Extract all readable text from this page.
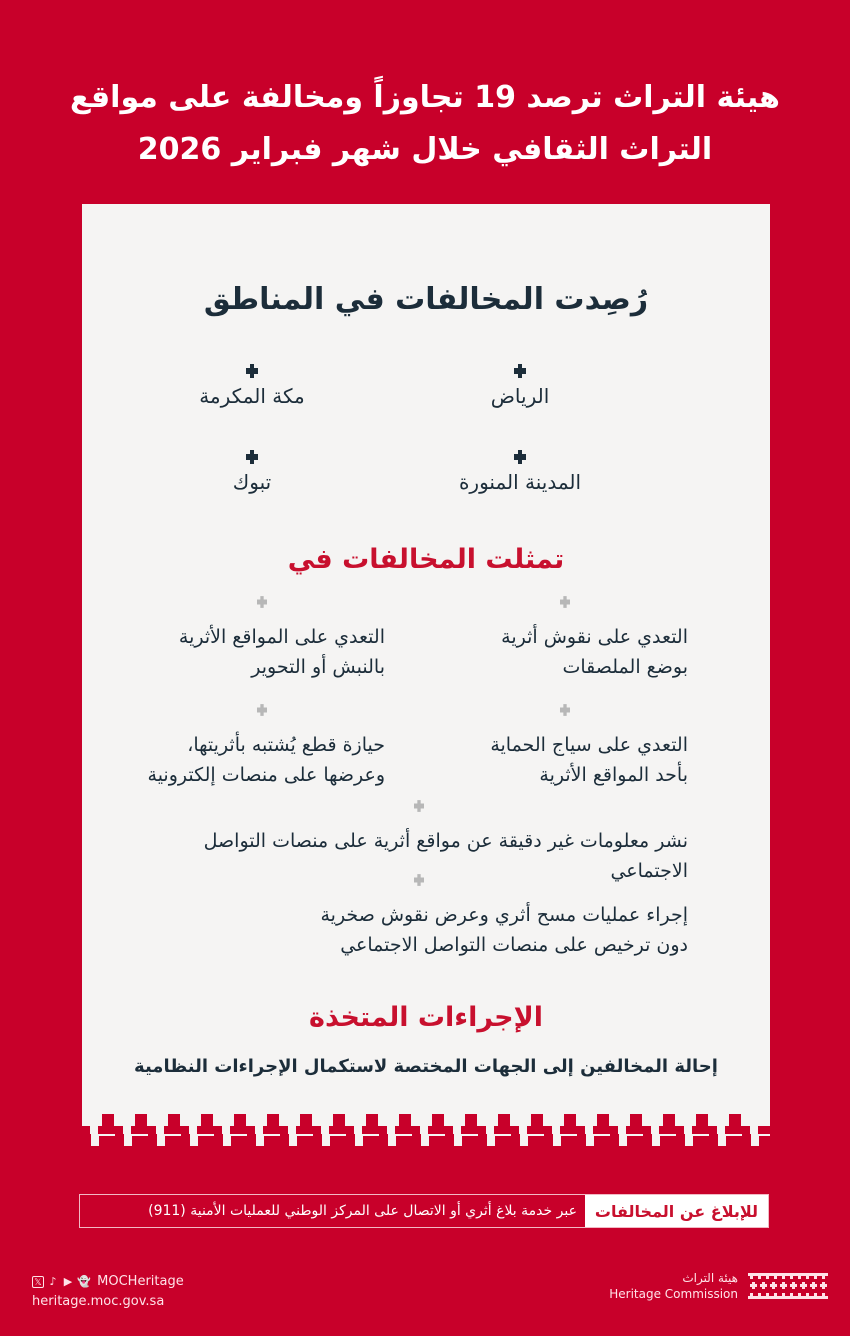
هيئة التراث ترصد 19 تجاوزاً ومخالفة على مواقع
التراث الثقافي خلال شهر فبراير 2026
رُصِدت المخالفات في المناطق
الرياض
مكة المكرمة
المدينة المنورة
تبوك
تمثلت المخالفات في
التعدي على نقوش أثرية
بوضع الملصقات
التعدي على المواقع الأثرية
بالنبش أو التحوير
التعدي على سياج الحماية
بأحد المواقع الأثرية
حيازة قطع يُشتبه بأثريتها،
وعرضها على منصات إلكترونية
نشر معلومات غير دقيقة عن مواقع أثرية على منصات التواصل الاجتماعي
إجراء عمليات مسح أثري وعرض نقوش صخرية
دون ترخيص على منصات التواصل الاجتماعي
الإجراءات المتخذة
إحالة المخالفين إلى الجهات المختصة لاستكمال الإجراءات النظامية
للإبلاغ عن المخالفات
عبر خدمة بلاغ أثري أو الاتصال على المركز الوطني للعمليات الأمنية (911)
𝕏 ♪ ▶ 👻 MOCHeritage
heritage.moc.gov.sa
هيئة التراث
Heritage Commission
